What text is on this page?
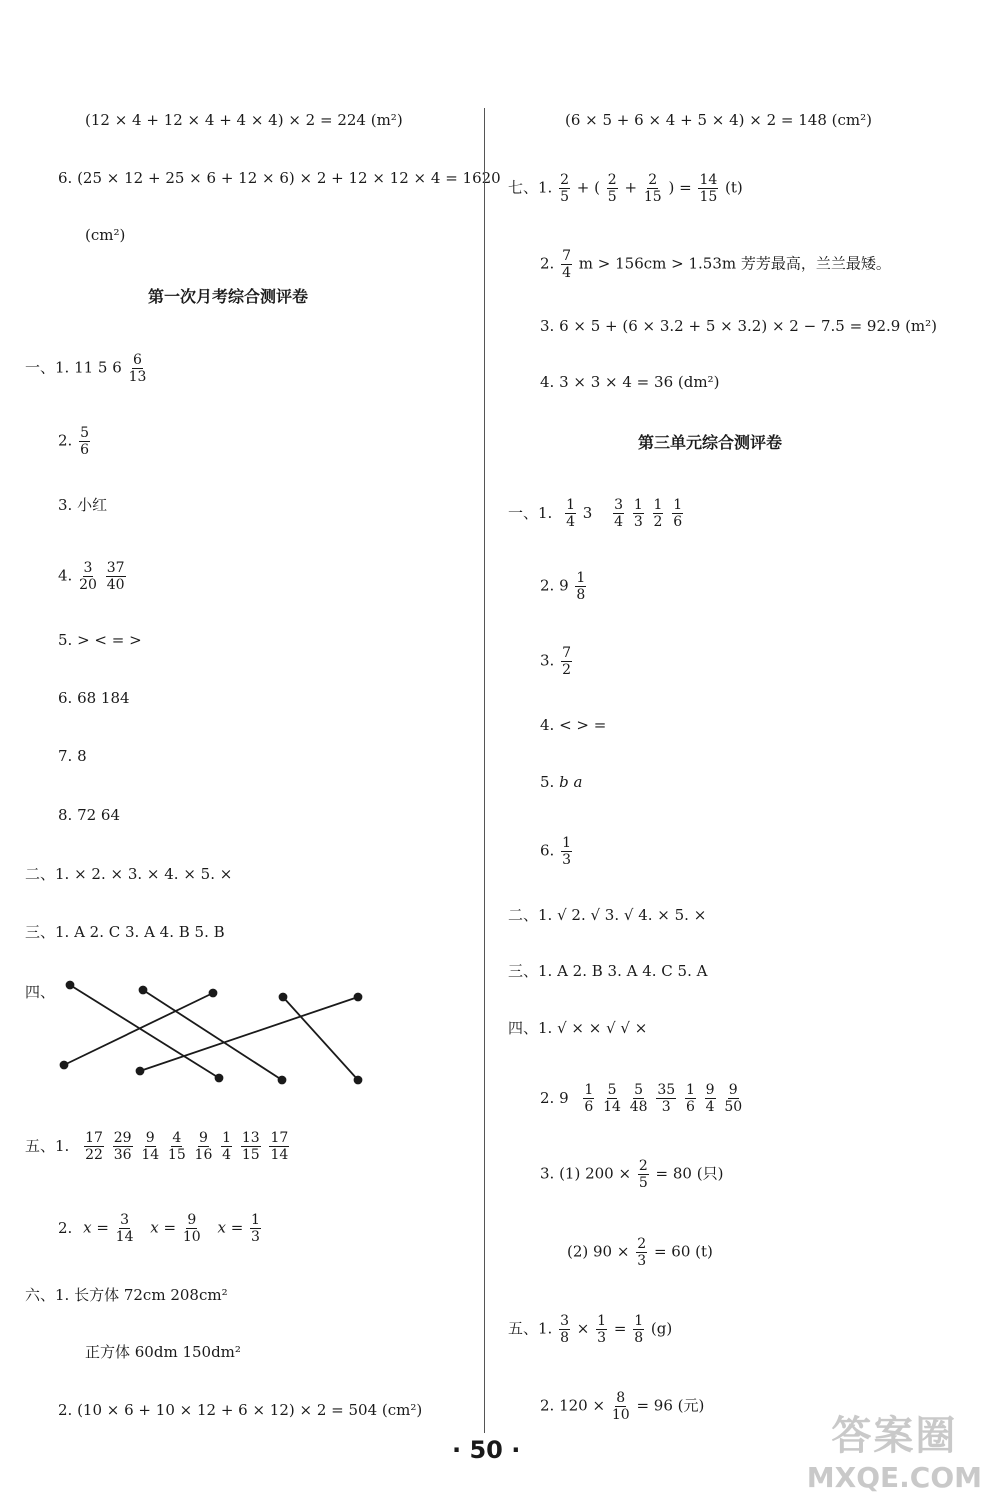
(12 × 4 + 12 × 4 + 4 × 4) × 2 = 224 (m²)
6. (25 × 12 + 25 × 6 + 12 × 6) × 2 + 12 × 12 × 4 = 1620
(cm²)
第一次月考综合测评卷
一、1. 11 5 $6 \frac{6}{13}$
2. $\frac{5}{6}$
3. 小红
4. $\frac{3}{20}$
$\frac{37}{40}$
5. > < = >
6. 68 184
7. 8
8. 72 64
二、1. × 2. × 3. × 4. × 5. ×
三、1. A 2. C 3. A 4. B 5. B
四、
五、1. $\frac{17}{22}$
$\frac{29}{36}$
$\frac{9}{14}$
$\frac{4}{15}$
$\frac{9}{16}$
$\frac{1}{4}$
$\frac{13}{15}$
$\frac{17}{14}$
2. $x = \frac{3}{14}$ $x = \frac{9}{10}$ $x = \frac{1}{3}$
六、1. 长方体 72cm 208cm²
正方体 60dm 150dm²
2. (10 × 6 + 10 × 12 + 6 × 12) × 2 = 504 (cm²)
(6 × 5 + 6 × 4 + 5 × 4) × 2 = 148 (cm²)
七、1. $\frac{2}{5}$ + ( $\frac{2}{5} + \frac{2}{15}$ ) = $\frac{14}{15} (t)$
2. $\frac{7}{4}$ m > 156cm > 1.53m 芳芳最高，兰兰最矮。
3. 6 × 5 + (6 × 3.2 + 5 × 3.2) × 2 − 7.5 = 92.9 (m²)
4. 3 × 3 × 4 = 36 (dm²)
第三单元综合测评卷
一、1. $\frac{1}{4} 3 \frac{3}{4}$
$\frac{1}{3}$
$\frac{1}{2}$
$\frac{1}{6}$
2. $9 \frac{1}{8}$
3. $\frac{7}{2}$
4. < > =
5. b a
6. $\frac{1}{3}$
二、1. √ 2. √ 3. √ 4. × 5. ×
三、1. A 2. B 3. A 4. C 5. A
四、1. √ × × √ √ ×
2. $9 \frac{1}{6}$
$\frac{5}{14}$
$\frac{5}{48}$
$\frac{35}{3}$
$\frac{1}{6}$
$\frac{9}{4}$
$\frac{9}{50}$
3. (1) $200 \times \frac{2}{5} = 80$ (只)
(2) $90 \times \frac{2}{3} = 60$ (t)
五、1. $\frac{3}{8} \times \frac{1}{3} = \frac{1}{8} (g)$
2. $120 \times \frac{8}{10} = 96$ (元)
· 50 ·	答案圈
MXQE.COM
